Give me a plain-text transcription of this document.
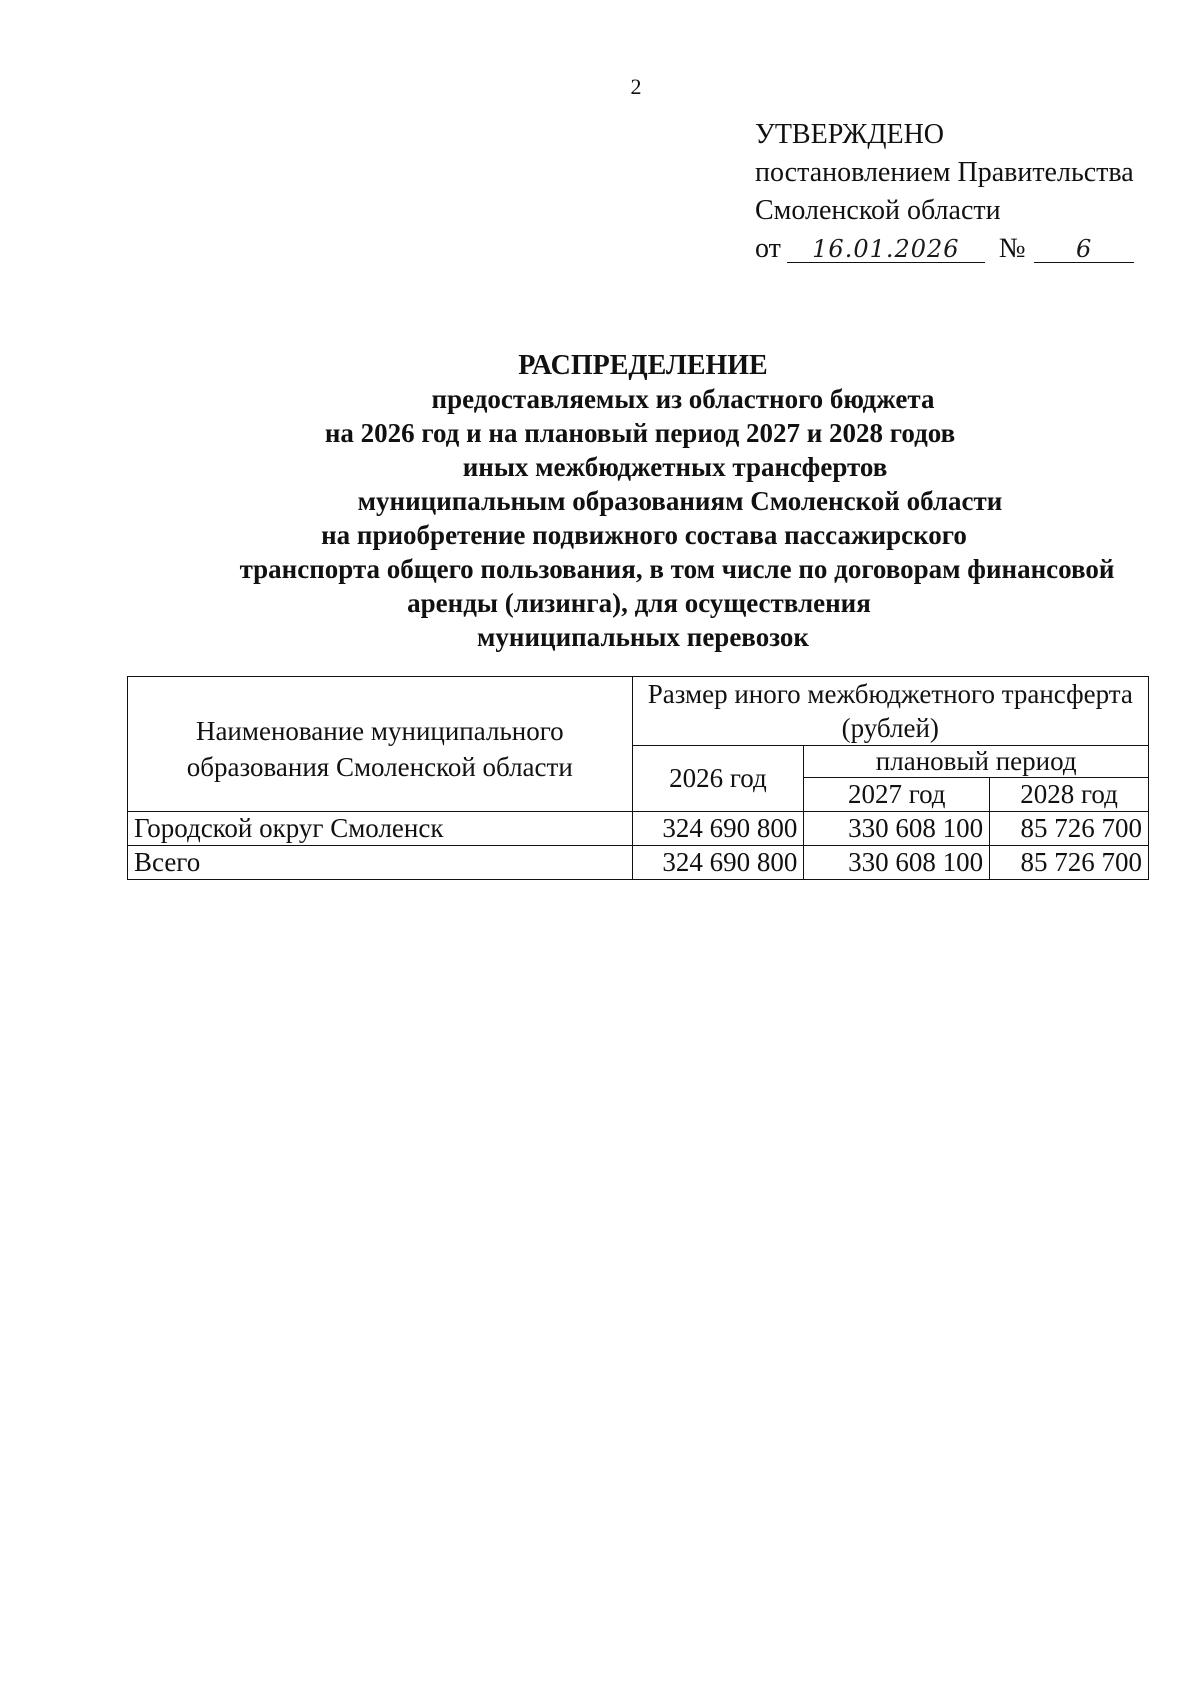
2
УТВЕРЖДЕНО
постановлением Правительства
Смоленской области
от	16.01.2026	№	6
РАСПРЕДЕЛЕНИЕ
предоставляемых из областного бюджета
на 2026 год и на плановый период 2027 и 2028 годов
иных межбюджетных трансфертов
муниципальным образованиям Смоленской области
на приобретение подвижного состава пассажирского
транспорта общего пользования, в том числе по договорам финансовой
аренды (лизинга), для осуществления
муниципальных перевозок
Наименование муниципального образования Смоленской области	Размер иного межбюджетного трансферта (рублей)		
	2026 год	плановый период	
		2027 год	2028 год
Городской округ Смоленск	324 690 800	330 608 100	85 726 700
Всего	324 690 800	330 608 100	85 726 700
